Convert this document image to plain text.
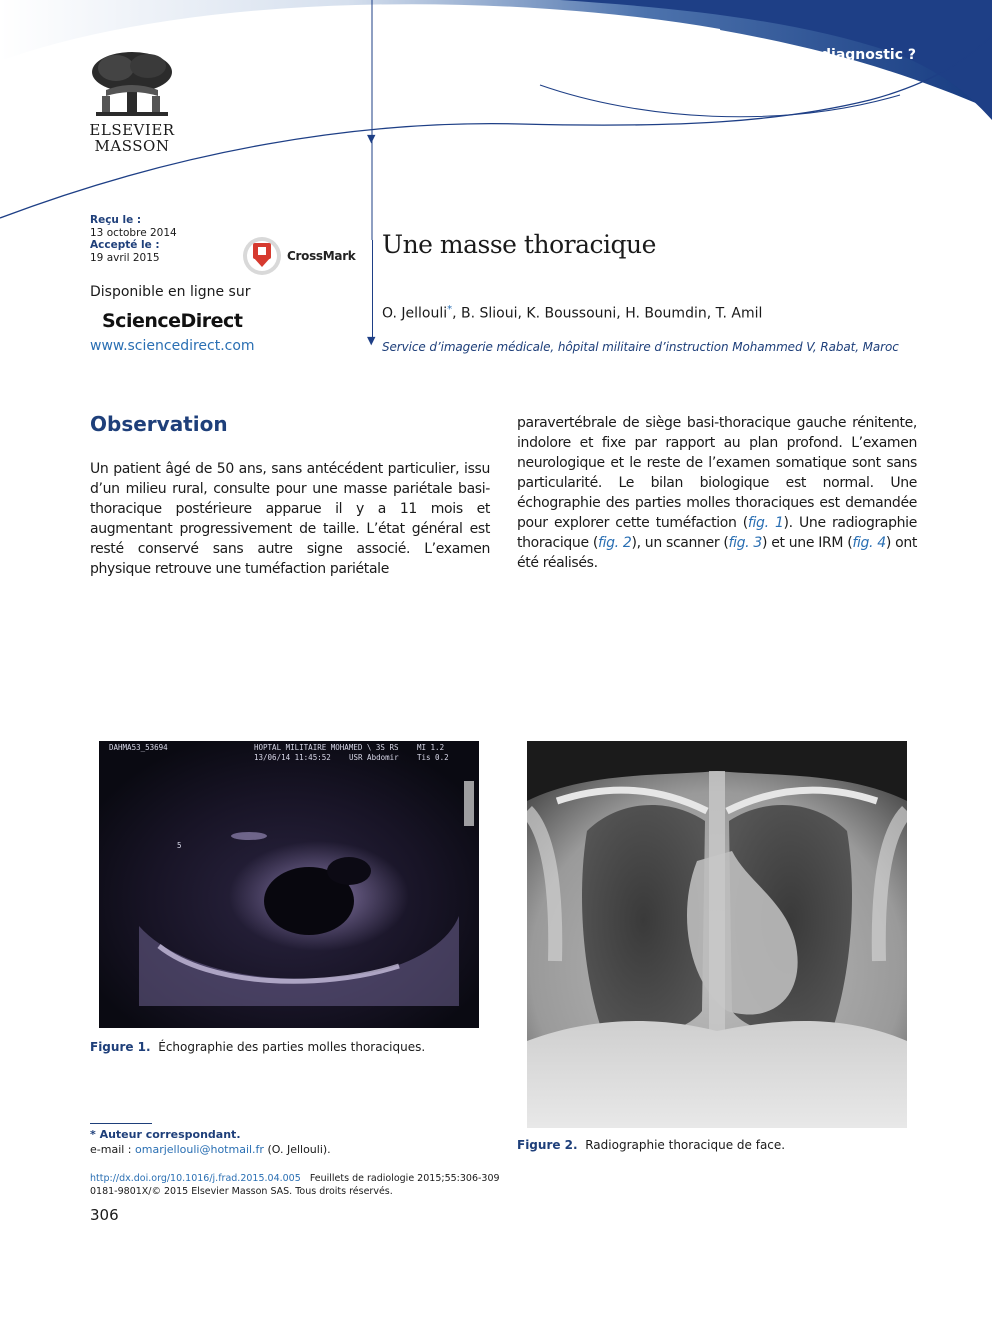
Quel est votre diagnostic ?
▼
▼
ELSEVIER
MASSON
Reçu le :
13 octobre 2014
Accepté le :
19 avril 2015	CrossMark
Disponible en ligne sur
ScienceDirect
www.sciencedirect.com
Une masse thoracique
O. Jellouli*, B. Slioui, K. Boussouni, H. Boumdin, T. Amil
Service d’imagerie médicale, hôpital militaire d’instruction Mohammed V, Rabat, Maroc
Observation
Un patient âgé de 50 ans, sans antécédent particulier, issu d’un milieu rural, consulte pour une masse pariétale basi-thoracique postérieure apparue il y a 11 mois et augmentant progressivement de taille. L’état général est resté conservé sans autre signe associé. L’examen physique retrouve une tuméfaction pariétale
paravertébrale de siège basi-thoracique gauche rénitente, indolore et fixe par rapport au plan profond. L’examen neurologique et le reste de l’examen somatique sont sans particularité. Le bilan biologique est normal. Une échographie des parties molles thoraciques est demandée pour explorer cette tuméfaction (fig. 1). Une radiographie thoracique (fig. 2), un scanner (fig. 3) et une IRM (fig. 4) ont été réalisés.
DAHMA53_53694	HOPTAL MILITAIRE MOHAMED \ 3S RS
13/06/14 11:45:52 USR Abdomir
MI 1.2
Tis 0.2
5
Figure 1. Échographie des parties molles thoraciques.
Figure 2. Radiographie thoracique de face.
* Auteur correspondant.
e-mail : omarjellouli@hotmail.fr (O. Jellouli).
http://dx.doi.org/10.1016/j.frad.2015.04.005 Feuillets de radiologie 2015;55:306-309
0181-9801X/© 2015 Elsevier Masson SAS. Tous droits réservés.
306
